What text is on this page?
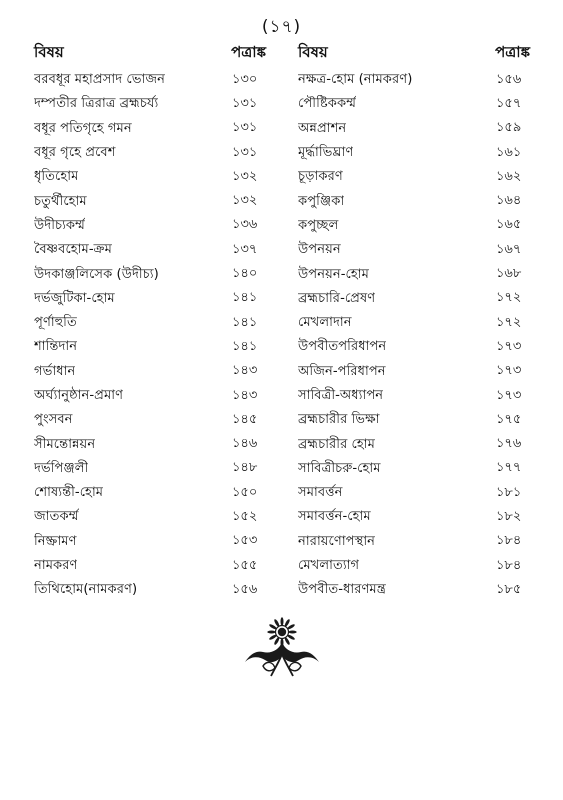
(১৭)
বিষয়	পত্রাঙ্ক
বরবধূর মহাপ্রসাদ ভোজন	১৩০
দম্পতীর ত্রিরাত্র ব্রহ্মচর্য্য	১৩১
বধূর পতিগৃহে গমন	১৩১
বধূর গৃহে প্রবেশ	১৩১
ধৃতিহোম	১৩২
চতুর্থীহোম	১৩২
উদীচ্যকর্ম্ম	১৩৬
বৈষ্ণবহোম-ক্রম	১৩৭
উদকাঞ্জলিসেক (উদীচ্য)	১৪০
দর্ভজুটিকা-হোম	১৪১
পূর্ণাহুতি	১৪১
শান্তিদান	১৪১
গর্ভাধান	১৪৩
অর্ঘ্যানুষ্ঠান-প্রমাণ	১৪৩
পুংসবন	১৪৫
সীমন্তোন্নয়ন	১৪৬
দর্ভপিঞ্জলী	১৪৮
শোষ্যন্তী-হোম	১৫০
জাতকর্ম্ম	১৫২
নিষ্ক্রামণ	১৫৩
নামকরণ	১৫৫
তিথিহোম(নামকরণ)	১৫৬
বিষয়	পত্রাঙ্ক
নক্ষত্র-হোম (নামকরণ)	১৫৬
পৌষ্টিককর্ম্ম	১৫৭
অন্নপ্রাশন	১৫৯
মূর্দ্ধাভিঘ্রাণ	১৬১
চূড়াকরণ	১৬২
কপুঞ্জিকা	১৬৪
কপুচ্ছল	১৬৫
উপনয়ন	১৬৭
উপনয়ন-হোম	১৬৮
ব্রহ্মচারি-প্রেষণ	১৭২
মেখলাদান	১৭২
উপবীতপরিধাপন	১৭৩
অজিন-পরিধাপন	১৭৩
সাবিত্রী-অধ্যাপন	১৭৩
ব্রহ্মচারীর ভিক্ষা	১৭৫
ব্রহ্মচারীর হোম	১৭৬
সাবিত্রীচরু-হোম	১৭৭
সমাবর্ত্তন	১৮১
সমাবর্ত্তন-হোম	১৮২
নারায়ণোপস্থান	১৮৪
মেখলাত্যাগ	১৮৪
উপবীত-ধারণমন্ত্র	১৮৫
